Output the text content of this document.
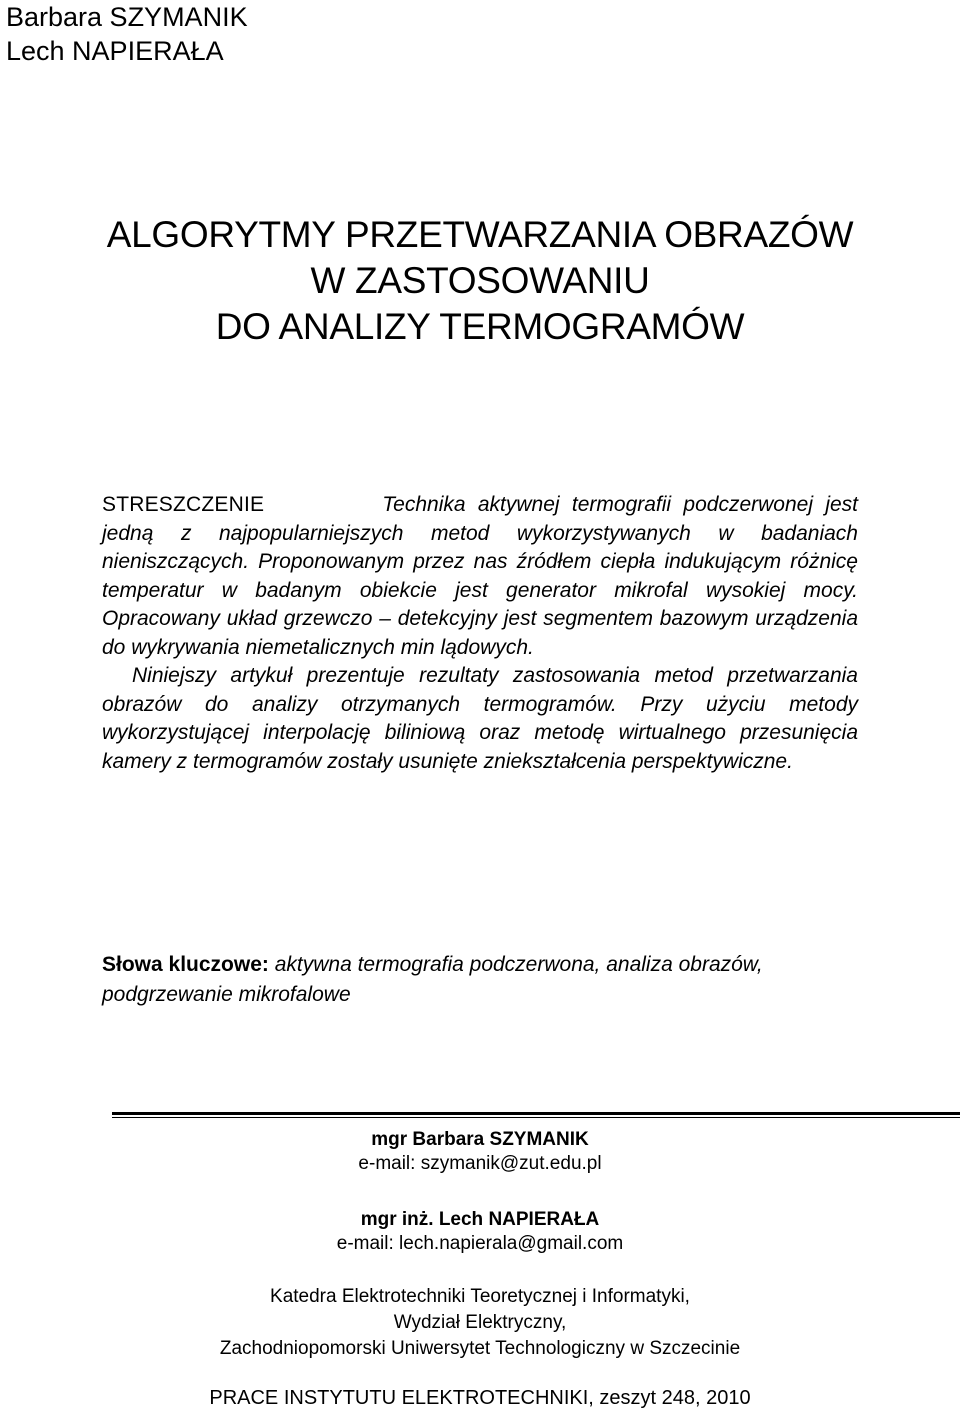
Barbara SZYMANIK
Lech NAPIERAŁA
ALGORYTMY PRZETWARZANIA OBRAZÓW
W ZASTOSOWANIU
DO ANALIZY TERMOGRAMÓW

STRESZCZENIE	Technika aktywnej termografii podczerwonej jest jedną z najpopularniejszych metod wykorzystywanych w badaniach nieniszczących. Proponowanym przez nas źródłem ciepła indukującym różnicę temperatur w badanym obiekcie jest generator mikrofal wysokiej mocy. Opracowany układ grzewczo – detekcyjny jest segmentem bazowym urządzenia do wykrywania niemetalicznych min lądowych.

Niniejszy artykuł prezentuje rezultaty zastosowania metod przetwarzania obrazów do analizy otrzymanych termogramów. Przy użyciu metody wykorzystującej interpolację biliniową oraz metodę wirtualnego przesunięcia kamery z termogramów zostały usunięte zniekształcenia perspektywiczne.

Słowa kluczowe: aktywna termografia podczerwona, analiza obrazów, podgrzewanie mikrofalowe
mgr Barbara SZYMANIK
e-mail: szymanik@zut.edu.pl
mgr inż. Lech NAPIERAŁA
e-mail: lech.napierala@gmail.com
Katedra Elektrotechniki Teoretycznej i Informatyki,
Wydział Elektryczny,
Zachodniopomorski Uniwersytet Technologiczny w Szczecinie
PRACE INSTYTUTU ELEKTROTECHNIKI, zeszyt 248, 2010
